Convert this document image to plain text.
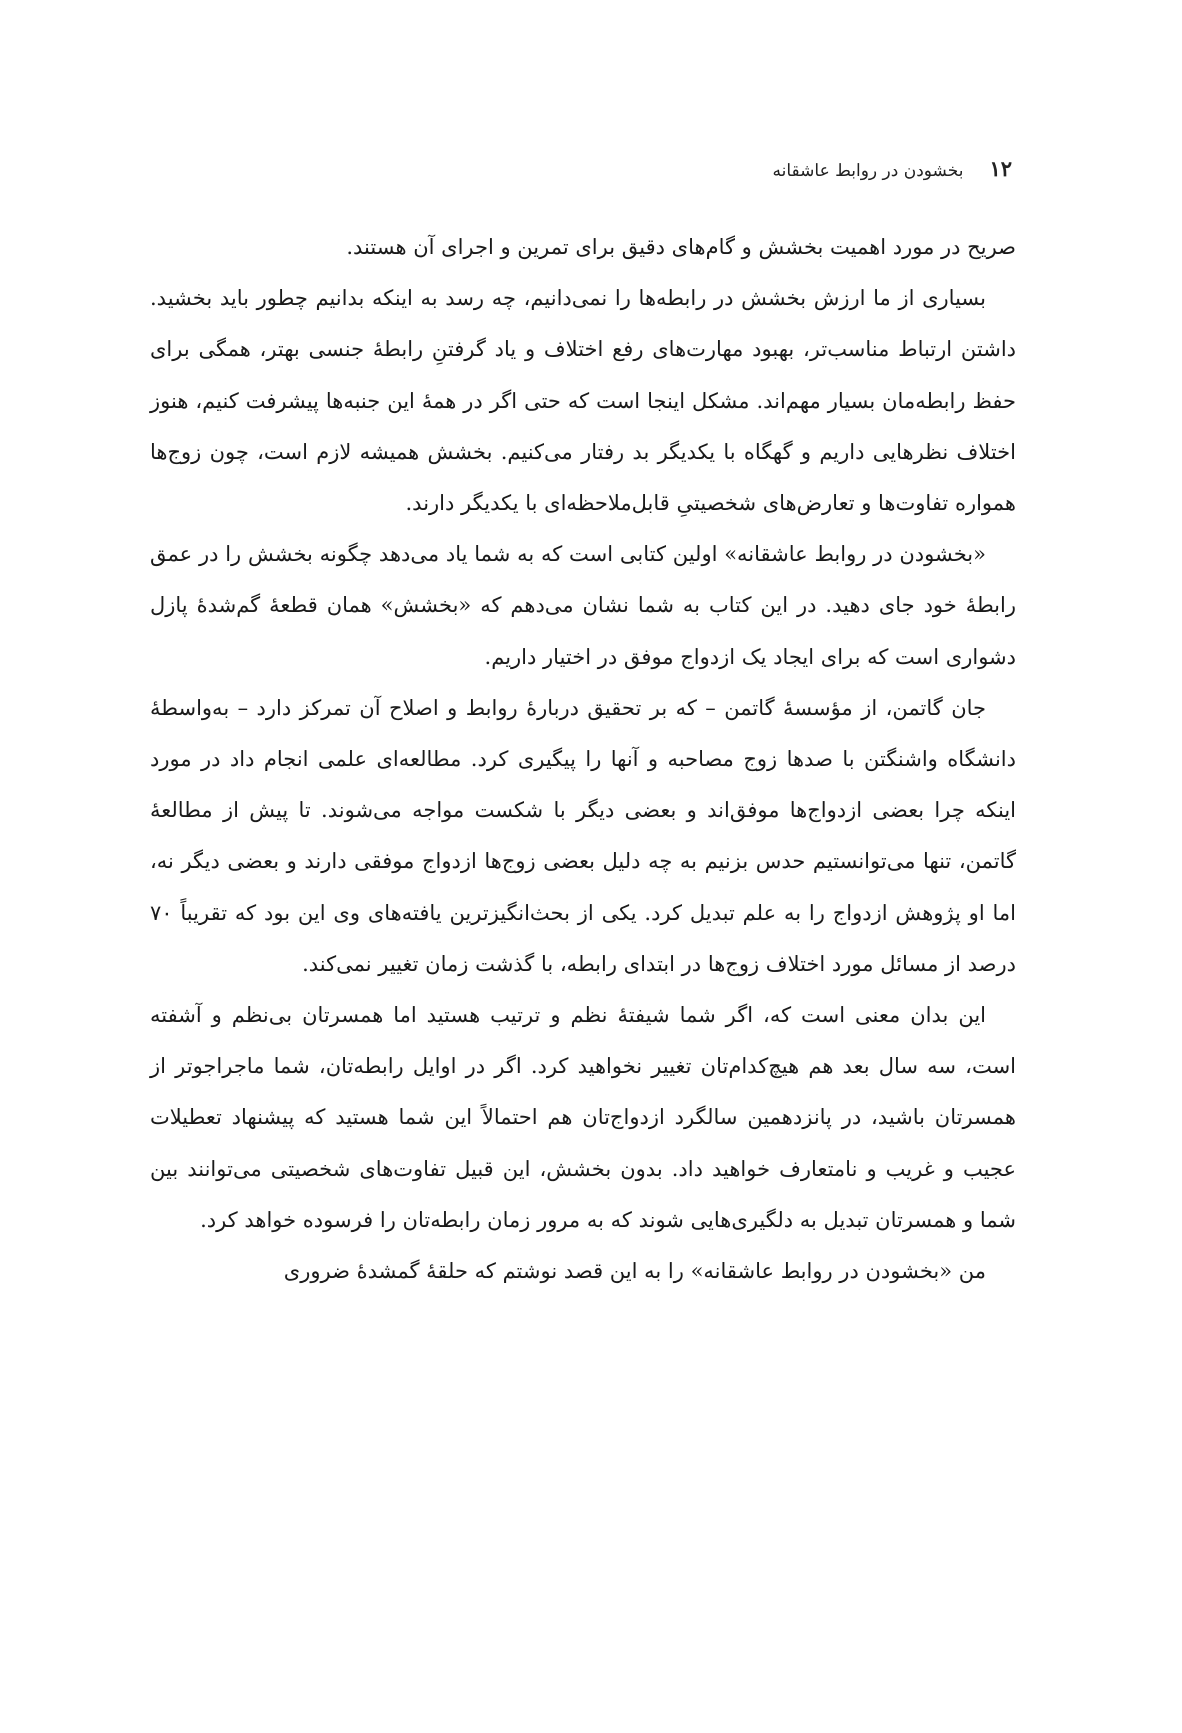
۱۲
بخشودن در روابط عاشقانه

صریح در مورد اهمیت بخشش و گام‌های دقیق برای تمرین و اجرای آن هستند.

بسیاری از ما ارزش بخشش در رابطه‌ها را نمی‌دانیم، چه رسد به اینکه بدانیم چطور باید بخشید. داشتن ارتباط مناسب‌تر، بهبود مهارت‌های رفع اختلاف و یاد گرفتنِ رابطهٔ جنسی بهتر، همگی برای حفظ رابطه‌مان بسیار مهم‌اند. مشکل اینجا است که حتی اگر در همهٔ این جنبه‌ها پیشرفت کنیم، هنوز اختلاف نظرهایی داریم و گهگاه با یکدیگر بد رفتار می‌کنیم. بخشش همیشه لازم است، چون زوج‌ها همواره تفاوت‌ها و تعارض‌های شخصیتیِ قابل‌ملاحظه‌ای با یکدیگر دارند.

«بخشودن در روابط عاشقانه» اولین کتابی است که به شما یاد می‌دهد چگونه بخشش را در عمق رابطهٔ خود جای دهید. در این کتاب به شما نشان می‌دهم که «بخشش» همان قطعهٔ گم‌شدهٔ پازل دشواری است که برای ایجاد یک ازدواج موفق در اختیار داریم.

جان گاتمن، از مؤسسهٔ گاتمن – که بر تحقیق دربارهٔ روابط و اصلاح آن تمرکز دارد – به‌واسطهٔ دانشگاه واشنگتن با صدها زوج مصاحبه و آنها را پیگیری کرد. مطالعه‌ای علمی انجام داد در مورد اینکه چرا بعضی ازدواج‌ها موفق‌اند و بعضی دیگر با شکست مواجه می‌شوند. تا پیش از مطالعهٔ گاتمن، تنها می‌توانستیم حدس بزنیم به چه دلیل بعضی زوج‌ها ازدواج موفقی دارند و بعضی دیگر نه، اما او پژوهش ازدواج را به علم تبدیل کرد. یکی از بحث‌انگیزترین یافته‌های وی این بود که تقریباً ۷۰ درصد از مسائل مورد اختلاف زوج‌ها در ابتدای رابطه، با گذشت زمان تغییر نمی‌کند.

این بدان معنی است که، اگر شما شیفتهٔ نظم و ترتیب هستید اما همسرتان بی‌نظم و آشفته است، سه سال بعد هم هیچ‌کدام‌تان تغییر نخواهید کرد. اگر در اوایل رابطه‌تان، شما ماجراجوتر از همسرتان باشید، در پانزدهمین سالگرد ازدواج‌تان هم احتمالاً این شما هستید که پیشنهاد تعطیلات عجیب و غریب و نامتعارف خواهید داد. بدون بخشش، این قبیل تفاوت‌های شخصیتی می‌توانند بین شما و همسرتان تبدیل به دلگیری‌هایی شوند که به مرور زمان رابطه‌تان را فرسوده خواهد کرد.

من «بخشودن در روابط عاشقانه» را به این قصد نوشتم که حلقهٔ گمشدهٔ ضروری
